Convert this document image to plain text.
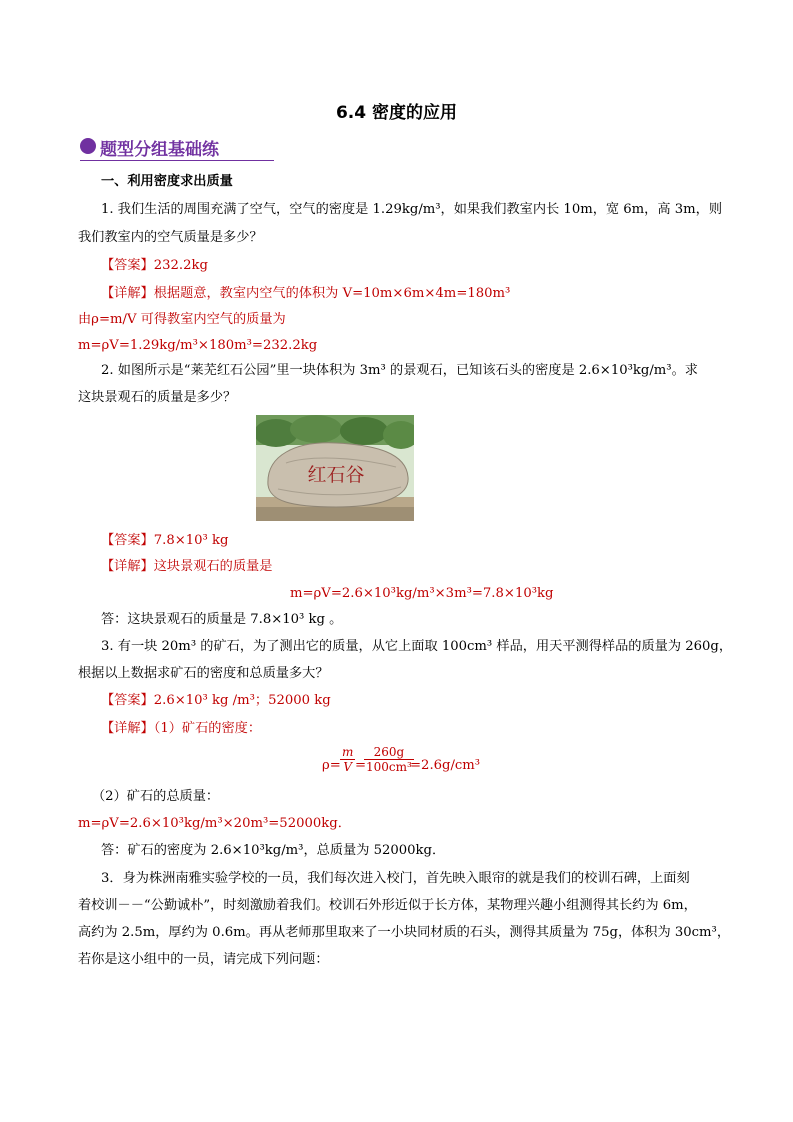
6.4 密度的应用
题型分组基础练
一、利用密度求出质量
1. 我们生活的周围充满了空气，空气的密度是 1.29kg/m³，如果我们教室内长 10m，宽 6m，高 3m，则
我们教室内的空气质量是多少？
【答案】232.2kg
【详解】根据题意，教室内空气的体积为 V=10m×6m×4m=180m³
由ρ=m/V 可得教室内空气的质量为
m=ρV=1.29kg/m³×180m³=232.2kg
2. 如图所示是“莱芜红石公园”里一块体积为 3m³ 的景观石，已知该石头的密度是 2.6×10³kg/m³。求
这块景观石的质量是多少？
红石谷
【答案】7.8×10³ kg
【详解】这块景观石的质量是
m=ρV=2.6×10³kg/m³×3m³=7.8×10³kg
答：这块景观石的质量是 7.8×10³ kg 。
3. 有一块 20m³ 的矿石，为了测出它的质量，从它上面取 100cm³ 样品，用天平测得样品的质量为 260g，
根据以上数据求矿石的密度和总质量多大？
【答案】2.6×10³ kg /m³；52000 kg
【详解】（1）矿石的密度：
$\rho= \frac{m}{V}$ =
$\frac{260g}{\text{100cm³}}$
=2.6g/cm³
（2）矿石的总质量：
m=ρV=2.6×10³kg/m³×20m³=52000kg．
答：矿石的密度为 2.6×10³kg/m³，总质量为 52000kg．
3．身为株洲南雅实验学校的一员，我们每次进入校门，首先映入眼帘的就是我们的校训石碑，上面刻
着校训－－“公勤诚朴”，时刻激励着我们。校训石外形近似于长方体，某物理兴趣小组测得其长约为 6m，
高约为 2.5m，厚约为 0.6m。再从老师那里取来了一小块同材质的石头，测得其质量为 75g，体积为 30cm³，
若你是这小组中的一员，请完成下列问题：
